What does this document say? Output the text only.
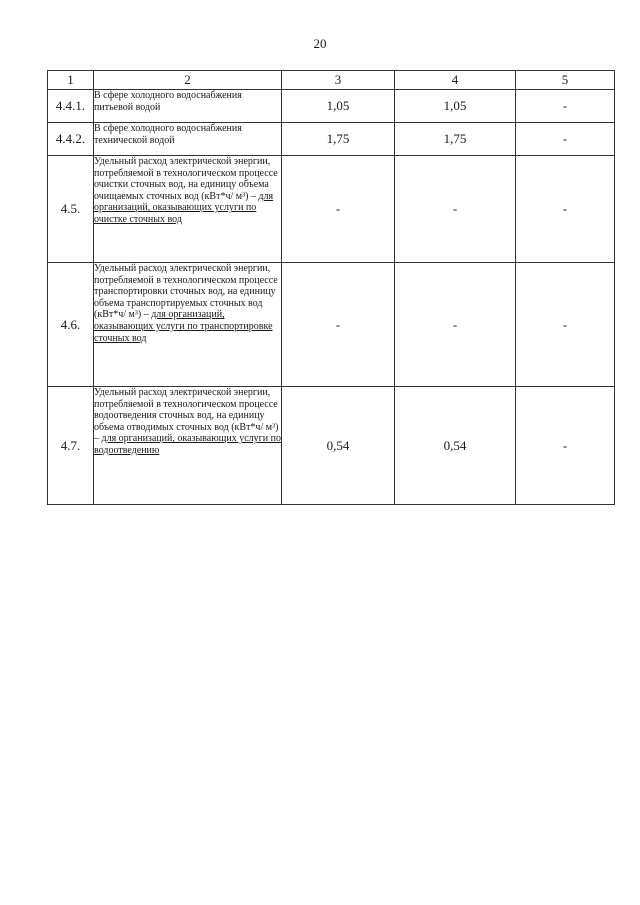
20
1	2	3	4	5
4.4.1.	В сфере холодного водоснабжения питьевой водой	1,05	1,05	-
4.4.2.	В сфере холодного водоснабжения технической водой	1,75	1,75	-
4.5.	Удельный расход электрической энергии, потребляемой в технологическом процессе очистки сточных вод, на единицу объема очищаемых сточных вод (кВт*ч/ м³) – для организаций, оказывающих услуги по очистке сточных вод	-	-	-
4.6.	Удельный расход электрической энергии, потребляемой в технологическом процессе транспортировки сточных вод, на единицу объема транспортируемых сточных вод (кВт*ч/ м³) – для организаций, оказывающих услуги по транспортировке сточных вод	-	-	-
4.7.	Удельный расход электрической энергии, потребляемой в технологическом процессе водоотведения сточных вод, на единицу объема отводимых сточных вод (кВт*ч/ м³) – для организаций, оказывающих услуги по водоотведению	0,54	0,54	-
